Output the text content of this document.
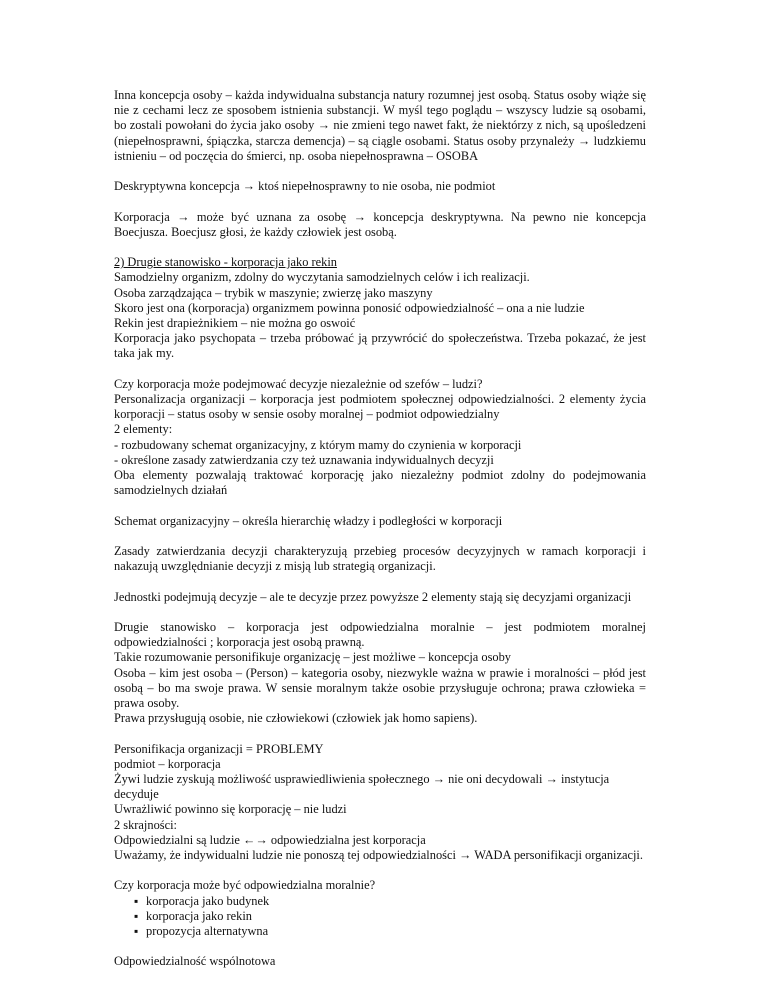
Inna koncepcja osoby – każda indywidualna substancja natury rozumnej jest osobą. Status osoby wiąże się nie z cechami lecz ze sposobem istnienia substancji. W myśl tego poglądu – wszyscy ludzie są osobami, bo zostali powołani do życia jako osoby → nie zmieni tego nawet fakt, że niektórzy z nich, są upośledzeni (niepełnosprawni, śpiączka, starcza demencja) – są ciągle osobami. Status osoby przynależy → ludzkiemu istnieniu – od poczęcia do śmierci, np. osoba niepełnosprawna – OSOBA

Deskryptywna koncepcja → ktoś niepełnosprawny to nie osoba, nie podmiot

Korporacja → może być uznana za osobę → koncepcja deskryptywna. Na pewno nie koncepcja Boecjusza. Boecjusz głosi, że każdy człowiek jest osobą.

2) Drugie stanowisko - korporacja jako rekin
Samodzielny organizm, zdolny do wyczytania samodzielnych celów i ich realizacji.
Osoba zarządzająca – trybik w maszynie; zwierzę jako maszyny
Skoro jest ona (korporacja) organizmem powinna ponosić odpowiedzialność – ona a nie ludzie
Rekin jest drapieżnikiem – nie można go oswoić
Korporacja jako psychopata – trzeba próbować ją przywrócić do społeczeństwa. Trzeba pokazać, że jest taka jak my.
Czy korporacja może podejmować decyzje niezależnie od szefów – ludzi?
Personalizacja organizacji – korporacja jest podmiotem społecznej odpowiedzialności. 2 elementy życia korporacji – status osoby w sensie osoby moralnej – podmiot odpowiedzialny
2 elementy:
- rozbudowany schemat organizacyjny, z którym mamy do czynienia w korporacji
- określone zasady zatwierdzania czy też uznawania indywidualnych decyzji
Oba elementy pozwalają traktować korporację jako niezależny podmiot zdolny do podejmowania samodzielnych działań

Schemat organizacyjny – określa hierarchię władzy i podległości w korporacji

Zasady zatwierdzania decyzji charakteryzują przebieg procesów decyzyjnych w ramach korporacji i nakazują uwzględnianie decyzji z misją lub strategią organizacji.

Jednostki podejmują decyzje – ale te decyzje przez powyższe 2 elementy stają się decyzjami organizacji

Drugie stanowisko – korporacja jest odpowiedzialna moralnie – jest podmiotem moralnej odpowiedzialności ; korporacja jest osobą prawną.
Takie rozumowanie personifikuje organizację – jest możliwe – koncepcja osoby
Osoba – kim jest osoba – (Person) – kategoria osoby, niezwykle ważna w prawie i moralności – płód jest osobą – bo ma swoje prawa. W sensie moralnym także osobie przysługuje ochrona; prawa człowieka = prawa osoby.
Prawa przysługują osobie, nie człowiekowi (człowiek jak homo sapiens).
Personifikacja organizacji = PROBLEMY
podmiot – korporacja
Żywi ludzie zyskują możliwość usprawiedliwienia społecznego → nie oni decydowali → instytucja decyduje
Uwrażliwić powinno się korporację – nie ludzi
2 skrajności:
Odpowiedzialni są ludzie ←→ odpowiedzialna jest korporacja
Uważamy, że indywidualni ludzie nie ponoszą tej odpowiedzialności → WADA personifikacji organizacji.
Czy korporacja może być odpowiedzialna moralnie?
▪ korporacja jako budynek
▪ korporacja jako rekin
▪ propozycja alternatywna

Odpowiedzialność wspólnotowa
